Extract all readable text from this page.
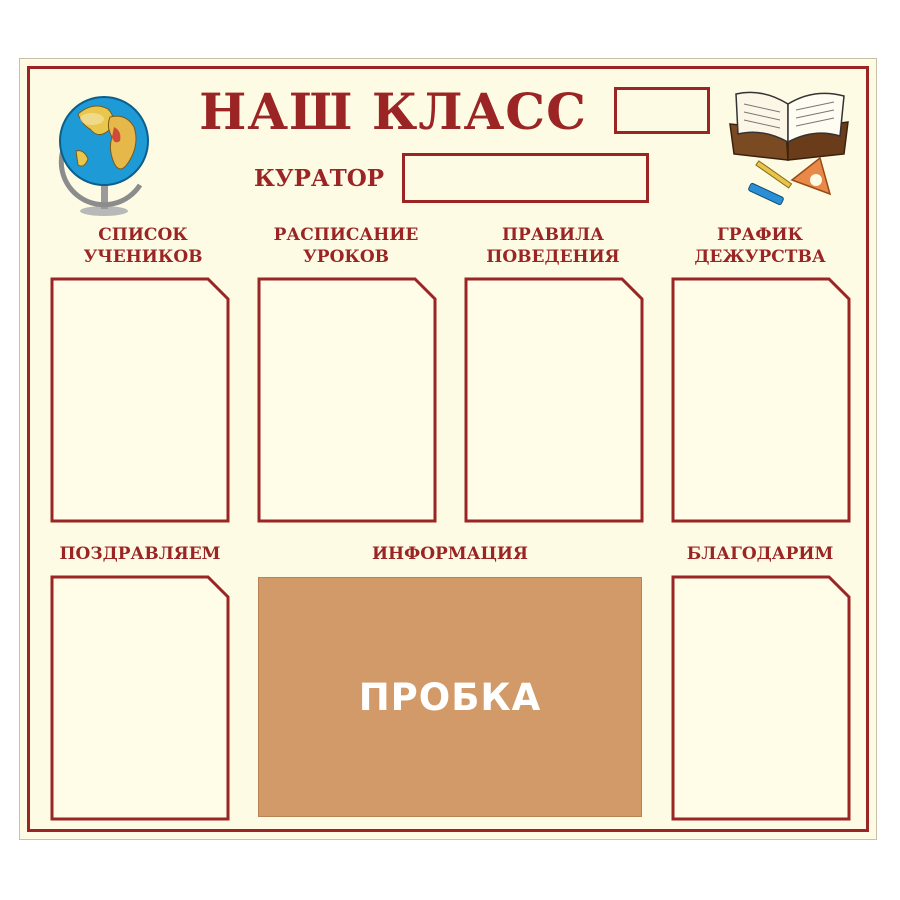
НАШ КЛАСС
КУРАТОР
СПИСОК
УЧЕНИКОВ
РАСПИСАНИЕ
УРОКОВ
ПРАВИЛА
ПОВЕДЕНИЯ
ГРАФИК
ДЕЖУРСТВА
ПОЗДРАВЛЯЕМ	ИНФОРМАЦИЯ	БЛАГОДАРИМ
ПРОБКА
